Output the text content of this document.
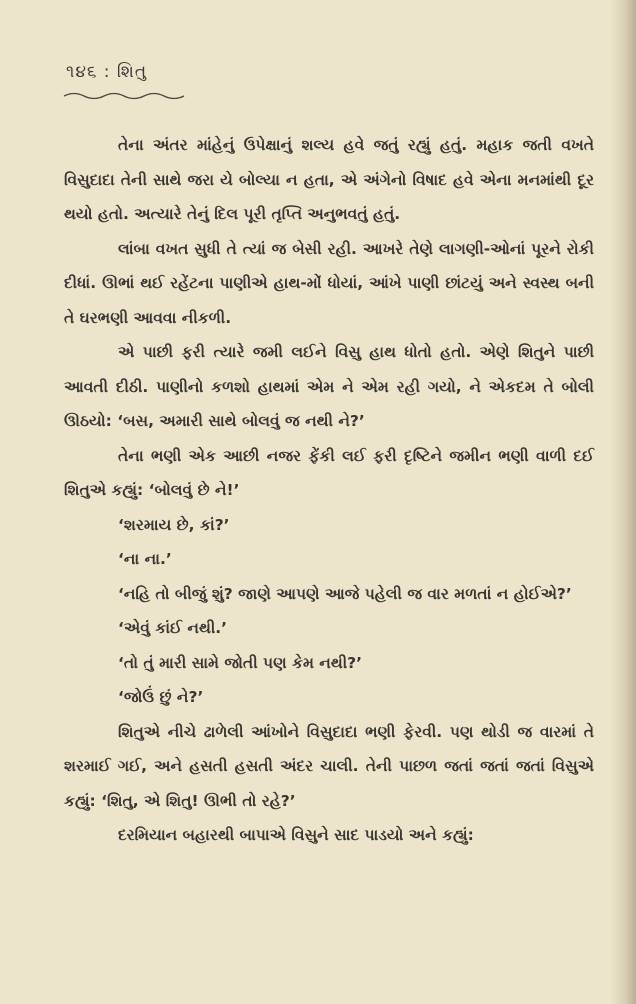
૧૪૬ : શિતુ

તેના અંતર માંહેનું ઉપેક્ષાનું શલ્ય હવે જતું રહ્યું હતું. મહાક જતી વખતે વિસુદાદા તેની સાથે જરા યે બોલ્યા ન હતા, એ અંગેનો વિષાદ હવે એના મનમાંથી દૂર થયો હતો. અત્યારે તેનું દિલ પૂરી તૃપ્તિ અનુભવતું હતું.

લાંબા વખત સુધી તે ત્યાં જ બેસી રહી. આખરે તેણે લાગણી-ઓનાં પૂરને રોકી દીધાં. ઊભાં થઈ રહેંટના પાણીએ હાથ-મોં ધોયાં, આંખે પાણી છાંટયું અને સ્વસ્થ બની તે ઘરભણી આવવા નીકળી.

એ પાછી ફરી ત્યારે જમી લઈને વિસુ હાથ ધોતો હતો. એણે શિતુને પાછી આવતી દીઠી. પાણીનો કળશો હાથમાં એમ ને એમ રહી ગયો, ને એકદમ તે બોલી ઊઠયો: ‘બસ, અમારી સાથે બોલવું જ નથી ને?’

તેના ભણી એક આછી નજર ફેંકી લઈ ફરી દૃષ્ટિને જમીન ભણી વાળી દઈ શિતુએ કહ્યું: ‘બોલવું છે ને!’

‘શરમાય છે, કાં?’

‘ના ના.’

‘નહિ તો બીજું શું? જાણે આપણે આજે પહેલી જ વાર મળતાં ન હોઈએ?’

‘એવું કાંઈ નથી.’

‘તો તું મારી સામે જોતી પણ કેમ નથી?’

‘જોઉં છું ને?’

શિતુએ નીચે ઢાળેલી આંખોને વિસુદાદા ભણી ફેરવી. પણ થોડી જ વારમાં તે શરમાઈ ગઈ, અને હસતી હસતી અંદર ચાલી. તેની પાછળ જતાં જતાં જતાં વિસુએ કહ્યું: ‘શિતુ, એ શિતુ! ઊભી તો રહે?’

દરમિયાન બહારથી બાપાએ વિસુને સાદ પાડયો અને કહ્યું:
